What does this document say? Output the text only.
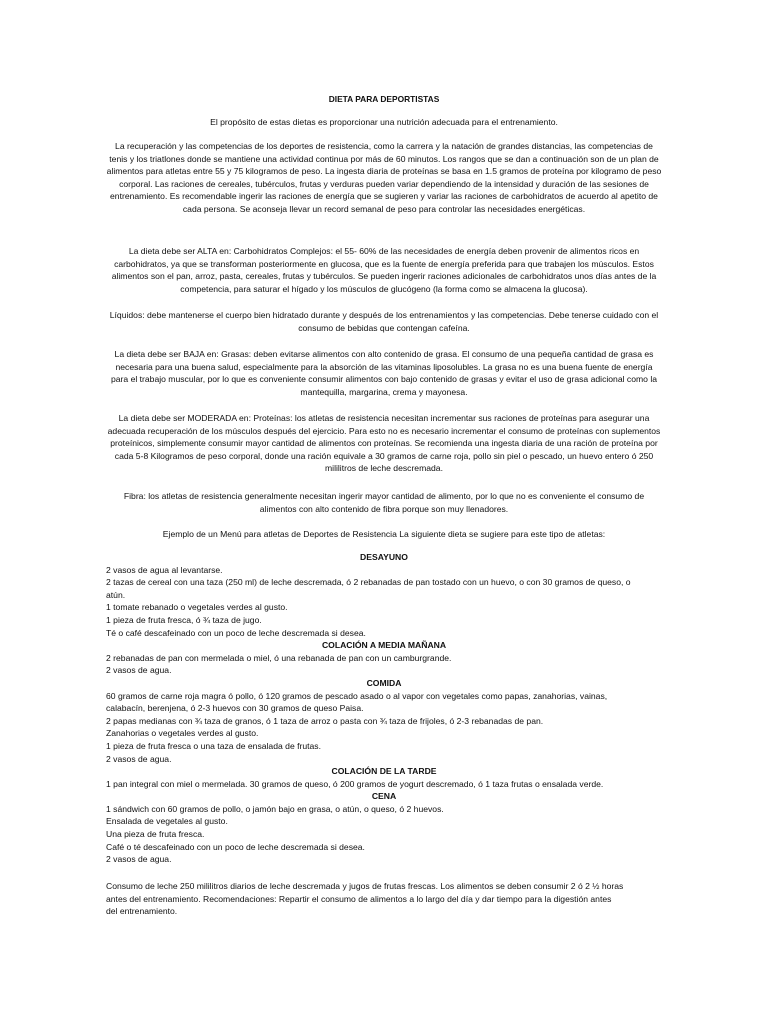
DIETA PARA DEPORTISTAS
El propósito de estas dietas es proporcionar una nutrición adecuada para el entrenamiento.

La recuperación y las competencias de los deportes de resistencia, como la carrera y la natación de grandes distancias, las competencias de tenis y los triatlones donde se mantiene una actividad continua por más de 60 minutos. Los rangos que se dan a continuación son de un plan de alimentos para atletas entre 55 y 75 kilogramos de peso. La ingesta diaria de proteínas se basa en 1.5 gramos de proteína por kilogramo de peso corporal. Las raciones de cereales, tubérculos, frutas y verduras pueden variar dependiendo de la intensidad y duración de las sesiones de entrenamiento. Es recomendable ingerir las raciones de energía que se sugieren y variar las raciones de carbohidratos de acuerdo al apetito de cada persona. Se aconseja llevar un record semanal de peso para controlar las necesidades energéticas.

La dieta debe ser ALTA en: Carbohidratos Complejos: el 55- 60% de las necesidades de energía deben provenir de alimentos ricos en carbohidratos, ya que se transforman posteriormente en glucosa, que es la fuente de energía preferida para que trabajen los músculos. Estos alimentos son el pan, arroz, pasta, cereales, frutas y tubérculos. Se pueden ingerir raciones adicionales de carbohidratos unos días antes de la competencia, para saturar el hígado y los músculos de glucógeno (la forma como se almacena la glucosa).

Líquidos: debe mantenerse el cuerpo bien hidratado durante y después de los entrenamientos y las competencias. Debe tenerse cuidado con el consumo de bebidas que contengan cafeína.

La dieta debe ser BAJA en: Grasas: deben evitarse alimentos con alto contenido de grasa. El consumo de una pequeña cantidad de grasa es necesaria para una buena salud, especialmente para la absorción de las vitaminas liposolubles. La grasa no es una buena fuente de energía para el trabajo muscular, por lo que es conveniente consumir alimentos con bajo contenido de grasas y evitar el uso de grasa adicional como la mantequilla, margarina, crema y mayonesa.

La dieta debe ser MODERADA en: Proteínas: los atletas de resistencia necesitan incrementar sus raciones de proteínas para asegurar una adecuada recuperación de los músculos después del ejercicio. Para esto no es necesario incrementar el consumo de proteínas con suplementos proteínicos, simplemente consumir mayor cantidad de alimentos con proteínas. Se recomienda una ingesta diaria de una ración de proteína por cada 5-8 Kilogramos de peso corporal, donde una ración equivale a 30 gramos de carne roja, pollo sin piel o pescado, un huevo entero ó 250 mililitros de leche descremada.

Fibra: los atletas de resistencia generalmente necesitan ingerir mayor cantidad de alimento, por lo que no es conveniente el consumo de alimentos con alto contenido de fibra porque son muy llenadores.

Ejemplo de un Menú para atletas de Deportes de Resistencia La siguiente dieta se sugiere para este tipo de atletas:

DESAYUNO
2 vasos de agua al levantarse.
2 tazas de cereal con una taza (250 ml) de leche descremada, ó 2 rebanadas de pan tostado con un huevo, o con 30 gramos de queso, o
atún.
1 tomate rebanado o vegetales verdes al gusto.
1 pieza de fruta fresca, ó ¾ taza de jugo.
Té o café descafeinado con un poco de leche descremada si desea.
COLACIÓN A MEDIA MAÑANA
2 rebanadas de pan con mermelada o miel, ó una rebanada de pan con un camburgrande.
2 vasos de agua.
COMIDA
60 gramos de carne roja magra ó pollo, ó 120 gramos de pescado asado o al vapor con vegetales como papas, zanahorias, vainas,
calabacín, berenjena, ó 2-3 huevos con 30 gramos de queso Paisa.
2 papas medianas con ¾ taza de granos, ó 1 taza de arroz o pasta con ¾ taza de frijoles, ó 2-3 rebanadas de pan.
Zanahorias o vegetales verdes al gusto.
1 pieza de fruta fresca o una taza de ensalada de frutas.
2 vasos de agua.
COLACIÓN DE LA TARDE
1 pan integral con miel o mermelada. 30 gramos de queso, ó 200 gramos de yogurt descremado, ó 1 taza frutas o ensalada verde.
CENA
1 sándwich con 60 gramos de pollo, o jamón bajo en grasa, o atún, o queso, ó 2 huevos.
Ensalada de vegetales al gusto.
Una pieza de fruta fresca.
Café o té descafeinado con un poco de leche descremada si desea.
2 vasos de agua.
Consumo de leche 250 mililitros diarios de leche descremada y jugos de frutas frescas. Los alimentos se deben consumir 2 ó 2 ½ horas
antes del entrenamiento. Recomendaciones: Repartir el consumo de alimentos a lo largo del día y dar tiempo para la digestión antes
del entrenamiento.
